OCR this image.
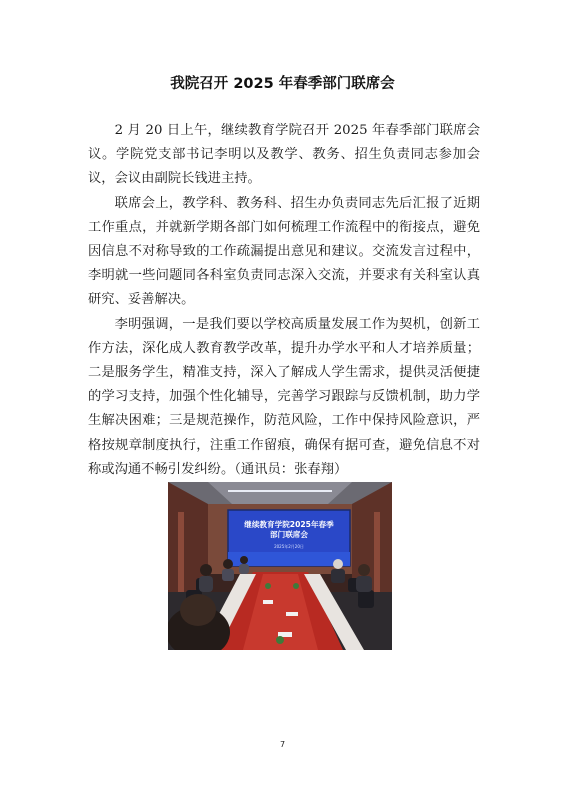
我院召开 2025 年春季部门联席会

2 月 20 日上午，继续教育学院召开 2025 年春季部门联席会议。学院党支部书记李明以及教学、教务、招生负责同志参加会议，会议由副院长钱进主持。

联席会上，教学科、教务科、招生办负责同志先后汇报了近期工作重点，并就新学期各部门如何梳理工作流程中的衔接点，避免因信息不对称导致的工作疏漏提出意见和建议。交流发言过程中，李明就一些问题同各科室负责同志深入交流，并要求有关科室认真研究、妥善解决。

李明强调，一是我们要以学校高质量发展工作为契机，创新工作方法，深化成人教育教学改革，提升办学水平和人才培养质量；二是服务学生，精准支持，深入了解成人学生需求，提供灵活便捷的学习支持，加强个性化辅导，完善学习跟踪与反馈机制，助力学生解决困难；三是规范操作，防范风险，工作中保持风险意识，严格按规章制度执行，注重工作留痕，确保有据可查，避免信息不对称或沟通不畅引发纠纷。（通讯员：张春翔）

继续教育学院2025年春季
部门联席会
2025年2月20日
7
